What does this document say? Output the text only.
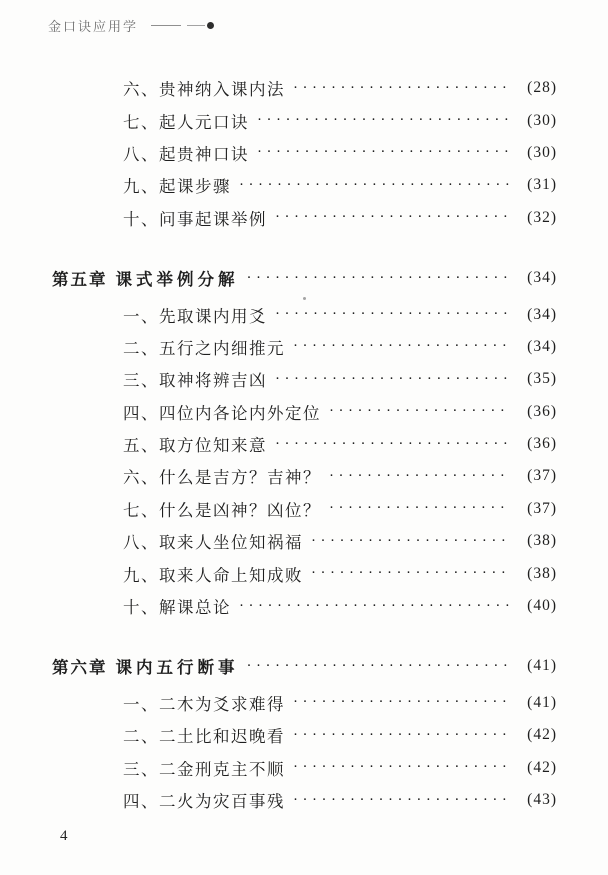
金口诀应用学
六、贵神纳入课内法 ·····	(28)
七、起人元口诀 ·····	(30)
八、起贵神口诀 ·····	(30)
九、起课步骤 ·····	(31)
十、问事起课举例 ·····	(32)
第五章 课式举例分解 ·····	(34)
一、先取课内用爻 ·····	(34)
二、五行之内细推元 ·····	(34)
三、取神将辨吉凶 ·····	(35)
四、四位内各论内外定位 ·····	(36)
五、取方位知来意 ·····	(36)
六、什么是吉方？吉神？ ·····	(37)
七、什么是凶神？凶位？ ·····	(37)
八、取来人坐位知祸福 ·····	(38)
九、取来人命上知成败 ·····	(38)
十、解课总论 ·····	(40)
第六章 课内五行断事 ·····	(41)
一、二木为爻求难得 ·····	(41)
二、二土比和迟晚看 ·····	(42)
三、二金刑克主不顺 ·····	(42)
四、二火为灾百事残 ·····	(43)
4
